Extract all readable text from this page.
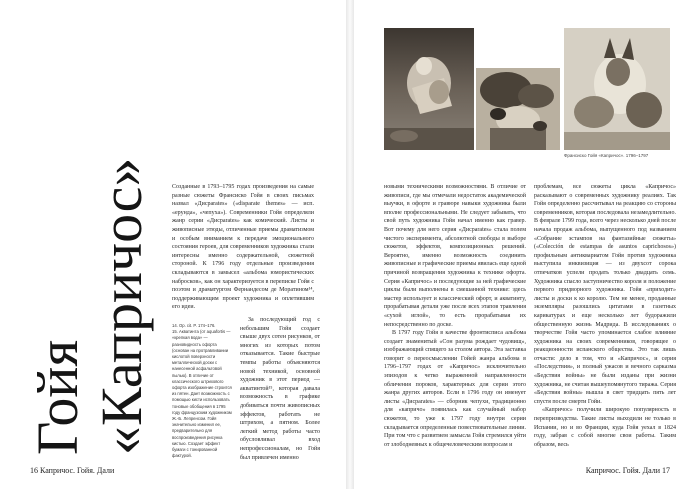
Гойя «Капричос»	Созданные в 1793–1795 годах произведения на самые разные сюжеты Франсиско Гойя в своих письмах назвал «Дисparates» («disparate themes» — исп. «ерунда», «чепуха»). Современники Гойя определяли жанр серии «Дисparates» как комический. Листы и живописные этюды, отличенные приемы драматизмом и особым вниманием к передаче эмоционального состояния героев, для современников художника стали интересны именно содержательной, сюжетной стороной. К 1796 году отдельные произведения складываются в замысел «альбома юмористических набросков», как он характеризуется в переписке Гойя с поэтом и драматургом Фернандесом де Моратином¹⁴, поддерживающим проект художника и оплетившим его идеи.

14. Op. cit. P. 174–176.
15. Акватинта (от aquafortis — «крепкая вода» — разновидность офорта (основан на протравливании кислотой поверхности металлической доски с нанесенной асфальтовой пылью). В отличие от классического штрихового офорта изображение строится из пятен. Дает возможность с помощью кисти использовать тоновые обобщения в 1795 году французским художником Ж.-Б. Лепренсом. Гойя значительно изменил ее, предварительно для воспроизведения рисунка кистью. Создает эффект бумаги с тонированной фактурой.

За последующий год с небольшим Гойя создает свыше двух сотен рисунков, от многих из которых потом отказывается. Такие быстрые темпы работы объясняются новой техникой, основной художник в этот период — акватинтой¹⁵, которая давала возможность в графике добиваться почти живописных эффектов, работать не штрихом, а пятном. Более легкий метод работы часто обусловливал вход непрофессионалам, но Гойя был привлечен именно

16 Капричос. Гойя. Дали
Франсиско Гойя «Капричос». 1796–1797

новыми техническими возможностями. В отличие от живописи, где мы отмечали недостаток академической выучки, в офорте и гравюре навыки художника были вполне профессиональными. Не следует забывать, что свой путь художника Гойя начал именно как гравер. Вот почему для него серия «Дисparates» стала полем чистого эксперимента, абсолютной свободы в выборе сюжетов, эффектов, композиционных решений. Вероятно, именно возможность соединить живописные и графические приемы явилась еще одной причиной возвращения художника к технике офорта. Серия «Капричос» и последующие за ней графические циклы были выполнены в смешанной технике: здесь мастер использует и классический офорт, и акватинту, прорабатывая детали уже после всех этапов травления «сухой иглой», то есть прорабатывая их непосредственно по доске.

В 1797 году Гойя в качестве фронтисписа альбома создает знаменитый «Сон разума рождает чудовищ», изображающий спящего за столом автора. Эта заставка говорит о переосмыслении Гойей жанра альбома в 1796–1797 годах от «Капричос» исключительно эпизодов к четко выраженной направленности обличения пороков, характерных для серии этого жанра других авторов. Если в 1796 году он именует листы «Дисparates» — сборник чепухи, традиционно для «капричо» появилась как случайный набор сюжетов, то уже к 1797 году внутри серии складывается определенные повествовательные линии. При том что с развитием замысла Гойя стремился уйти от злободневных к общечеловеческим вопросам и

проблемам, все сюжеты цикла «Капричос» расказывают о современных художнику реалиях. Так Гойя определенно рассчитывал на реакцию со стороны современников, которая последовала незамедлительно. В феврале 1799 года, всего через несколько дней после начала продаж альбома, выпущенного под названием «Собрание эстампов на фантазийные сюжеты» («Colección de estampas de asuntos caprichosos») профильным антиквариатом Гойя против художника выступила инквизиция — из двухсот сорока отпечатков успели продать только двадцать семь. Художника спасло заступничество короля и положение первого придворного художника. Гойя «приходит» листы и доски к ко королю. Тем не менее, проданные экземпляры разошлись цитатами в газетных карикатурах и еще несколько лет будоражили общественную жизнь Мадрида. В исследованиях о творчестве Гойя часто упоминается слабое влияние художника на своих современников, говорящее о реакционности испанского общества. Это так лишь отчасти: дело в том, что и «Капричос», и серия «Последствия», и полный ужасов и вечного сарказма «Бедствия войны» не были изданы при жизни художника, не считая вышеупомянутого тиража. Серия «Бедствия войны» вышла в свет тридцать пять лет спустя после смерти Гойи.

«Капричос» получили широкую популярность в перепризводства. Такие листы выходили не только в Испании, но и во Франции, куда Гойя уехал в 1824 году, забрав с собой многие свои работы. Таким образом, весь

Капричос. Гойя. Дали 17
